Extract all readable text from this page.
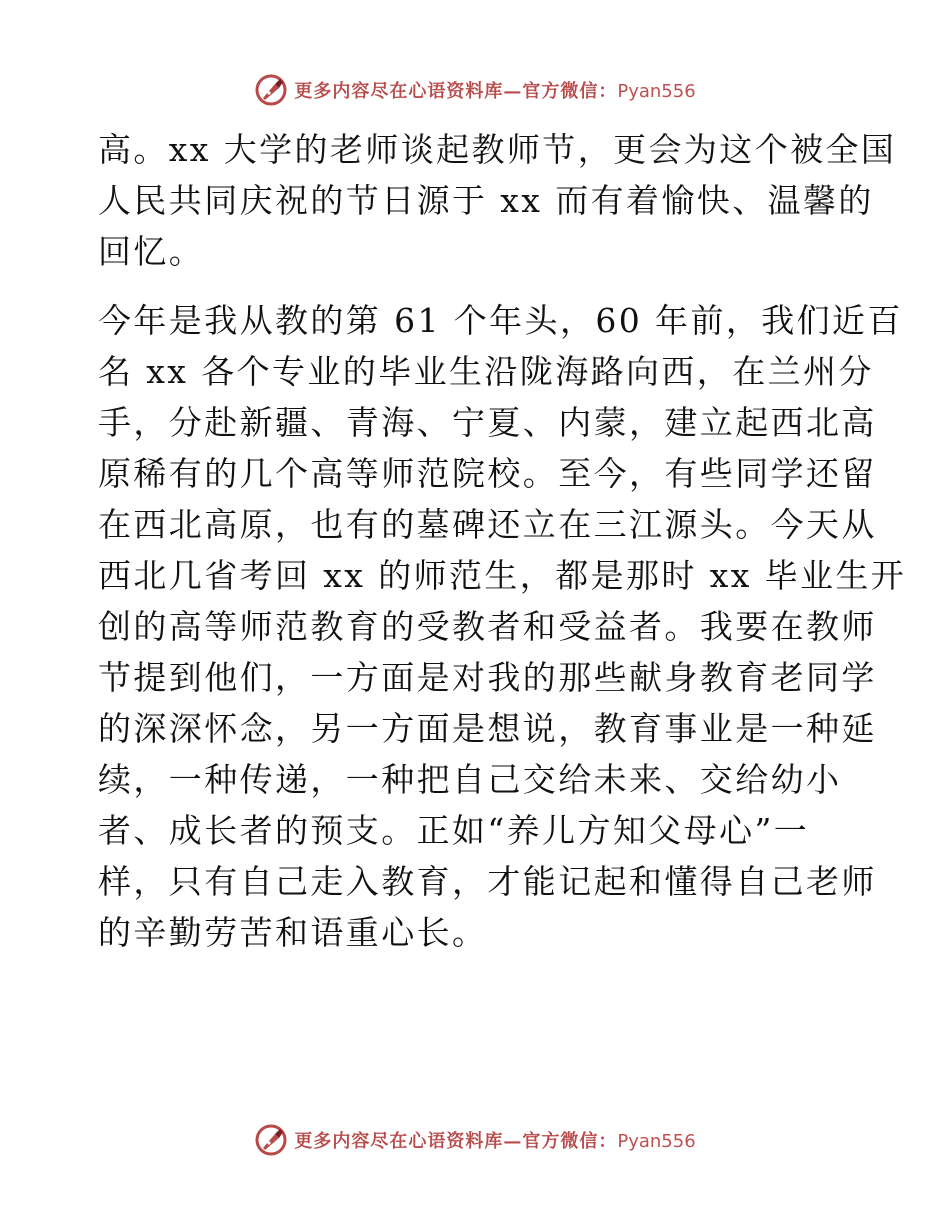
更多内容尽在心语资料库—官方微信：Pyan556

高。xx 大学的老师谈起教师节，更会为这个被全国
人民共同庆祝的节日源于 xx 而有着愉快、温馨的
回忆。

今年是我从教的第 61 个年头，60 年前，我们近百
名 xx 各个专业的毕业生沿陇海路向西，在兰州分
手，分赴新疆、青海、宁夏、内蒙，建立起西北高
原稀有的几个高等师范院校。至今，有些同学还留
在西北高原，也有的墓碑还立在三江源头。今天从
西北几省考回 xx 的师范生，都是那时 xx 毕业生开
创的高等师范教育的受教者和受益者。我要在教师
节提到他们，一方面是对我的那些献身教育老同学
的深深怀念，另一方面是想说，教育事业是一种延
续，一种传递，一种把自己交给未来、交给幼小
者、成长者的预支。正如“养儿方知父母心”一
样，只有自己走入教育，才能记起和懂得自己老师
的辛勤劳苦和语重心长。

更多内容尽在心语资料库—官方微信：Pyan556
